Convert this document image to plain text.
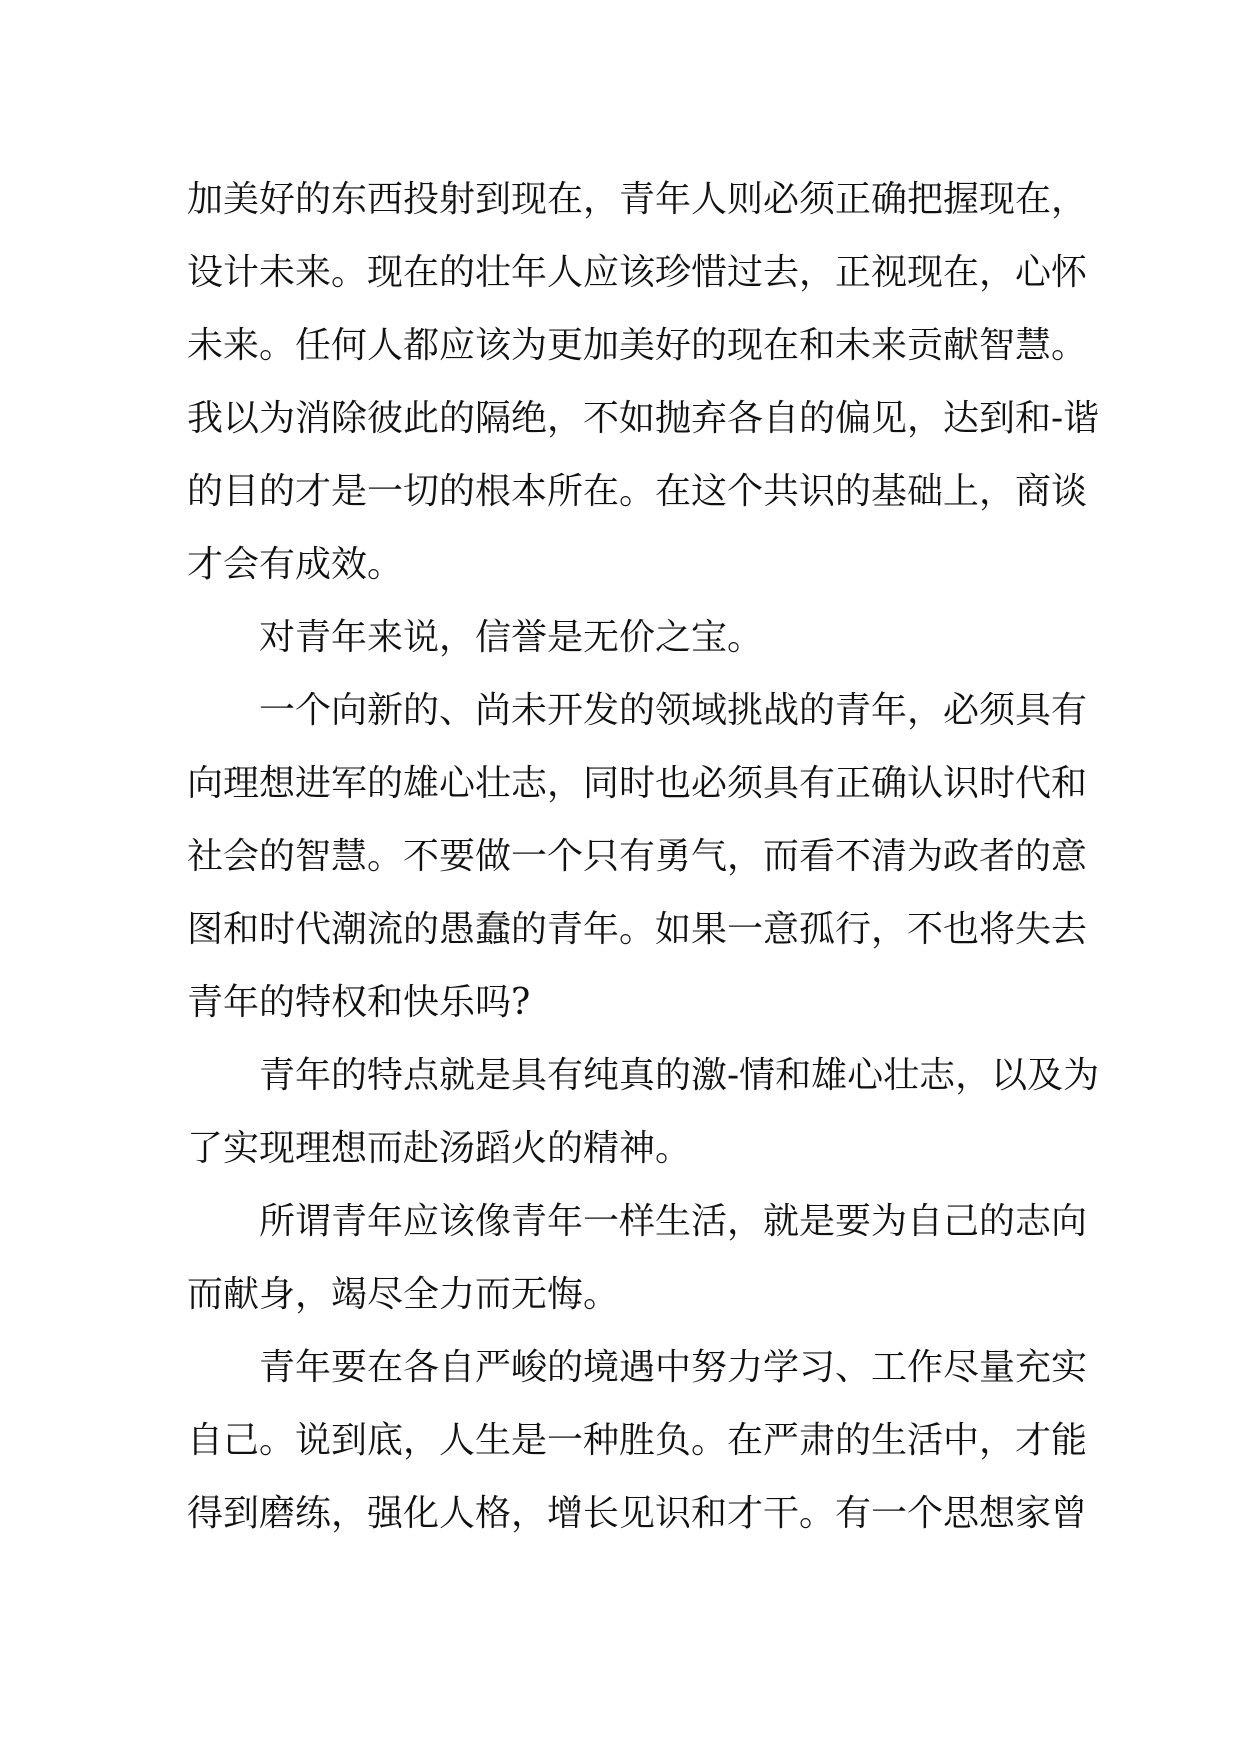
加美好的东西投射到现在，青年人则必须正确把握现在，
设计未来。现在的壮年人应该珍惜过去，正视现在，心怀
未来。任何人都应该为更加美好的现在和未来贡献智慧。
我以为消除彼此的隔绝，不如抛弃各自的偏见，达到和-谐
的目的才是一切的根本所在。在这个共识的基础上，商谈
才会有成效。
　　对青年来说，信誉是无价之宝。
　　一个向新的、尚未开发的领域挑战的青年，必须具有
向理想进军的雄心壮志，同时也必须具有正确认识时代和
社会的智慧。不要做一个只有勇气，而看不清为政者的意
图和时代潮流的愚蠢的青年。如果一意孤行，不也将失去
青年的特权和快乐吗?
　　青年的特点就是具有纯真的激-情和雄心壮志，以及为
了实现理想而赴汤蹈火的精神。
　　所谓青年应该像青年一样生活，就是要为自己的志向
而献身，竭尽全力而无悔。
　　青年要在各自严峻的境遇中努力学习、工作尽量充实
自己。说到底，人生是一种胜负。在严肃的生活中，才能
得到磨练，强化人格，增长见识和才干。有一个思想家曾
